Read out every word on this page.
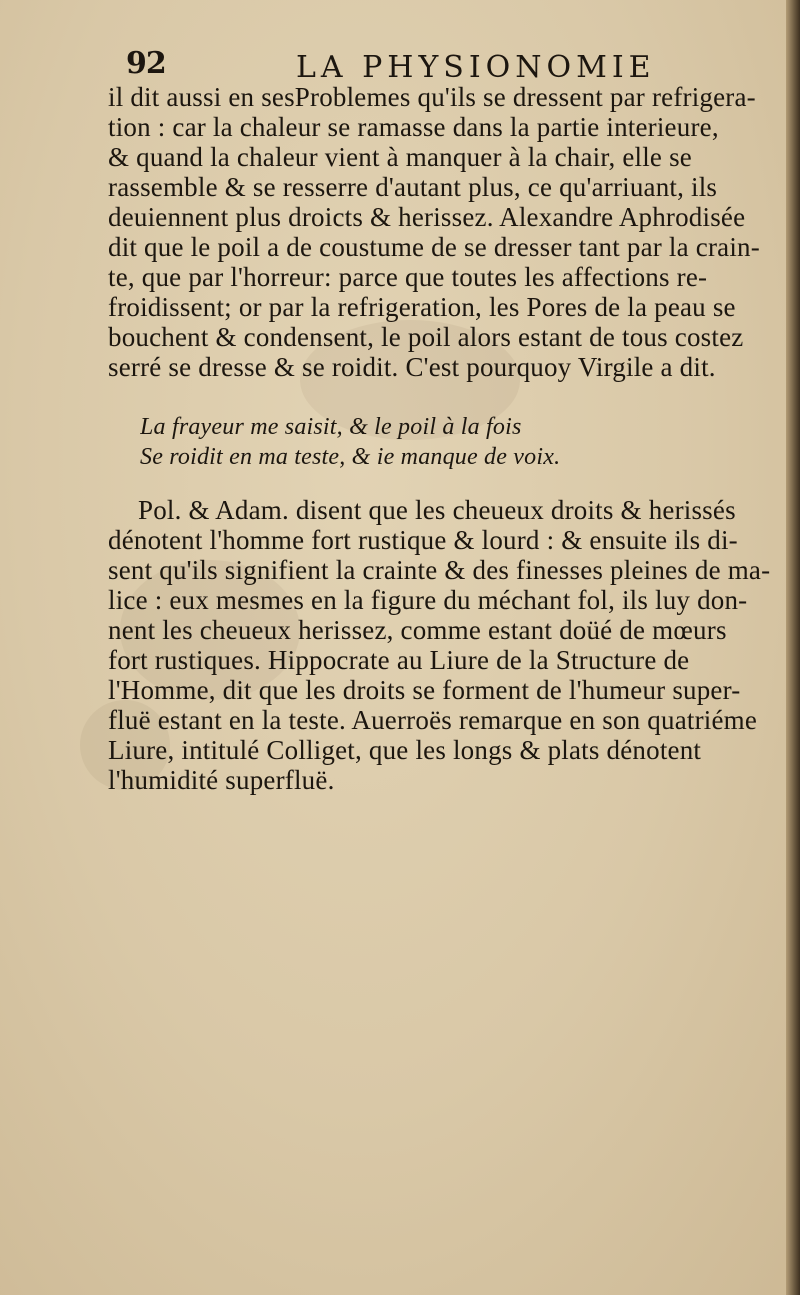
92	LA PHYSIONOMIE
il dit aussi en sesProblemes qu'ils se dressent par refrigera-
tion : car la chaleur se ramasse dans la partie interieure,
& quand la chaleur vient à manquer à la chair, elle se
rassemble & se resserre d'autant plus, ce qu'arriuant, ils
deuiennent plus droicts & herissez. Alexandre Aphrodisée
dit que le poil a de coustume de se dresser tant par la crain-
te, que par l'horreur: parce que toutes les affections re-
froidissent; or par la refrigeration, les Pores de la peau se
bouchent & condensent, le poil alors estant de tous costez
serré se dresse & se roidit. C'est pourquoy Virgile a dit.
La frayeur me saisit, & le poil à la fois
Se roidit en ma teste, & ie manque de voix.
Pol. & Adam. disent que les cheueux droits & herissés
dénotent l'homme fort rustique & lourd : & ensuite ils di-
sent qu'ils signifient la crainte & des finesses pleines de ma-
lice : eux mesmes en la figure du méchant fol, ils luy don-
nent les cheueux herissez, comme estant doüé de mœurs
fort rustiques. Hippocrate au Liure de la Structure de
l'Homme, dit que les droits se forment de l'humeur super-
fluë estant en la teste. Auerroës remarque en son quatriéme
Liure, intitulé Colliget, que les longs & plats dénotent
l'humidité superfluë.
